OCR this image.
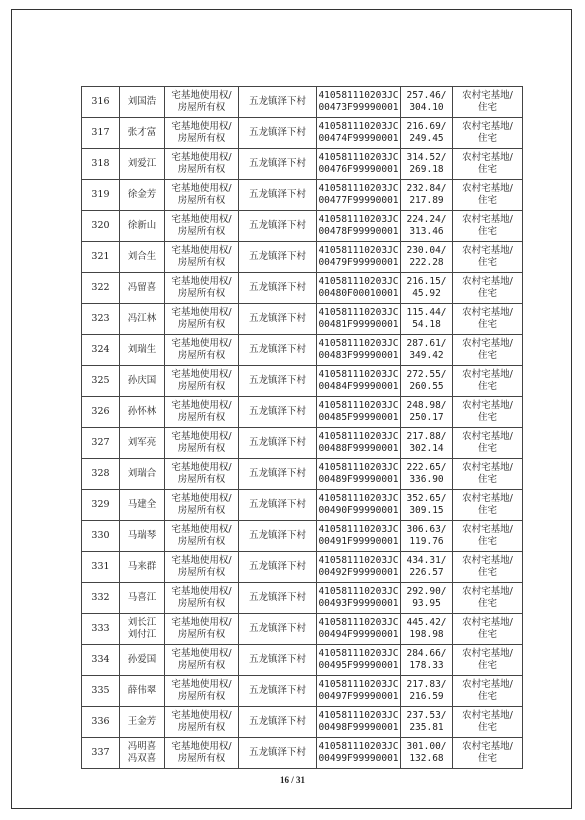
316	刘国浩	宅基地使用权/
房屋所有权	五龙镇泽下村	410581110203JC
00473F99990001	257.46/
304.10	农村宅基地/
住宅

317	张才富	宅基地使用权/
房屋所有权	五龙镇泽下村	410581110203JC
00474F99990001	216.69/
249.45	农村宅基地/
住宅

318	刘爱江	宅基地使用权/
房屋所有权	五龙镇泽下村	410581110203JC
00476F99990001	314.52/
269.18	农村宅基地/
住宅

319	徐金芳	宅基地使用权/
房屋所有权	五龙镇泽下村	410581110203JC
00477F99990001	232.84/
217.89	农村宅基地/
住宅

320	徐新山	宅基地使用权/
房屋所有权	五龙镇泽下村	410581110203JC
00478F99990001	224.24/
313.46	农村宅基地/
住宅

321	刘合生	宅基地使用权/
房屋所有权	五龙镇泽下村	410581110203JC
00479F99990001	230.04/
222.28	农村宅基地/
住宅

322	冯留喜	宅基地使用权/
房屋所有权	五龙镇泽下村	410581110203JC
00480F00010001	216.15/
45.92	农村宅基地/
住宅

323	冯江林	宅基地使用权/
房屋所有权	五龙镇泽下村	410581110203JC
00481F99990001	115.44/
54.18	农村宅基地/
住宅

324	刘瑞生	宅基地使用权/
房屋所有权	五龙镇泽下村	410581110203JC
00483F99990001	287.61/
349.42	农村宅基地/
住宅

325	孙庆国	宅基地使用权/
房屋所有权	五龙镇泽下村	410581110203JC
00484F99990001	272.55/
260.55	农村宅基地/
住宅

326	孙怀林	宅基地使用权/
房屋所有权	五龙镇泽下村	410581110203JC
00485F99990001	248.98/
250.17	农村宅基地/
住宅

327	刘军亮	宅基地使用权/
房屋所有权	五龙镇泽下村	410581110203JC
00488F99990001	217.88/
302.14	农村宅基地/
住宅

328	刘瑞合	宅基地使用权/
房屋所有权	五龙镇泽下村	410581110203JC
00489F99990001	222.65/
336.90	农村宅基地/
住宅

329	马建全	宅基地使用权/
房屋所有权	五龙镇泽下村	410581110203JC
00490F99990001	352.65/
309.15	农村宅基地/
住宅

330	马瑞琴	宅基地使用权/
房屋所有权	五龙镇泽下村	410581110203JC
00491F99990001	306.63/
119.76	农村宅基地/
住宅

331	马来群	宅基地使用权/
房屋所有权	五龙镇泽下村	410581110203JC
00492F99990001	434.31/
226.57	农村宅基地/
住宅

332	马喜江	宅基地使用权/
房屋所有权	五龙镇泽下村	410581110203JC
00493F99990001	292.90/
93.95	农村宅基地/
住宅

333	刘长江
刘付江	宅基地使用权/
房屋所有权	五龙镇泽下村	410581110203JC
00494F99990001	445.42/
198.98	农村宅基地/
住宅

334	孙爱国	宅基地使用权/
房屋所有权	五龙镇泽下村	410581110203JC
00495F99990001	284.66/
178.33	农村宅基地/
住宅

335	薛伟翠	宅基地使用权/
房屋所有权	五龙镇泽下村	410581110203JC
00497F99990001	217.83/
216.59	农村宅基地/
住宅

336	王金芳	宅基地使用权/
房屋所有权	五龙镇泽下村	410581110203JC
00498F99990001	237.53/
235.81	农村宅基地/
住宅

337	冯明喜
冯双喜	宅基地使用权/
房屋所有权	五龙镇泽下村	410581110203JC
00499F99990001	301.00/
132.68	农村宅基地/
住宅
16 / 31
